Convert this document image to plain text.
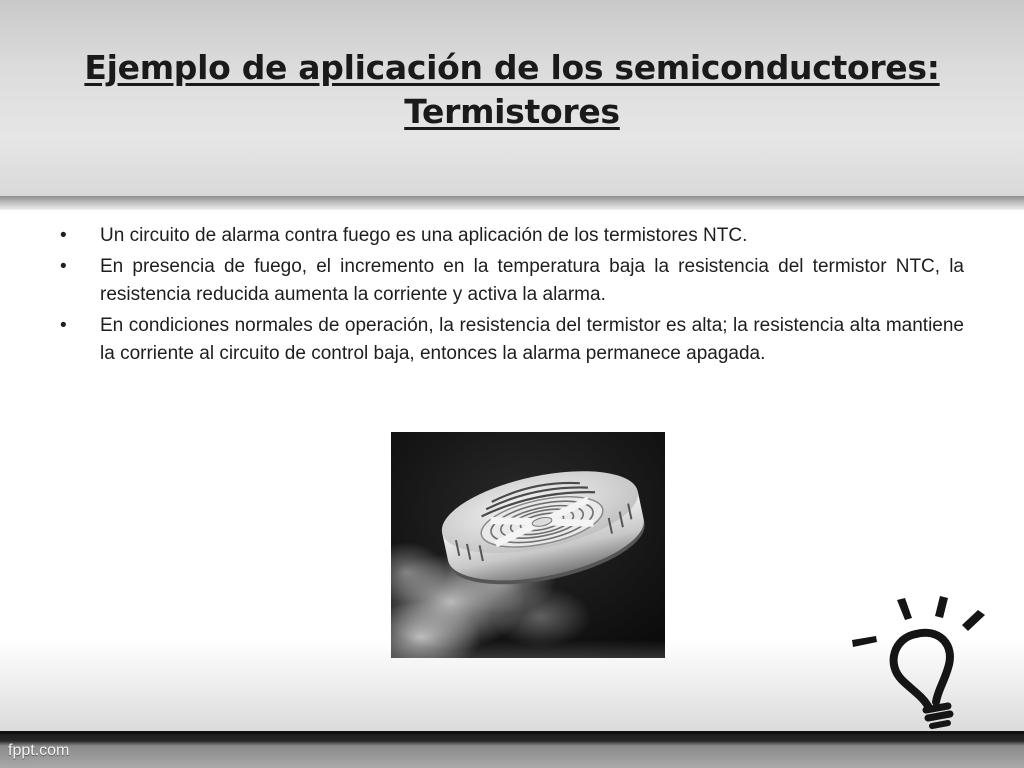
Ejemplo de aplicación de los semiconductores: Termistores
•	Un circuito de alarma contra fuego es una aplicación de los termistores NTC.
•	En presencia de fuego, el incremento en la temperatura baja la resistencia del termistor NTC, la resistencia reducida aumenta la corriente y activa la alarma.
•	En condiciones normales de operación, la resistencia del termistor es alta; la resistencia alta mantiene la corriente al circuito de control baja, entonces la alarma permanece apagada.
fppt.com
